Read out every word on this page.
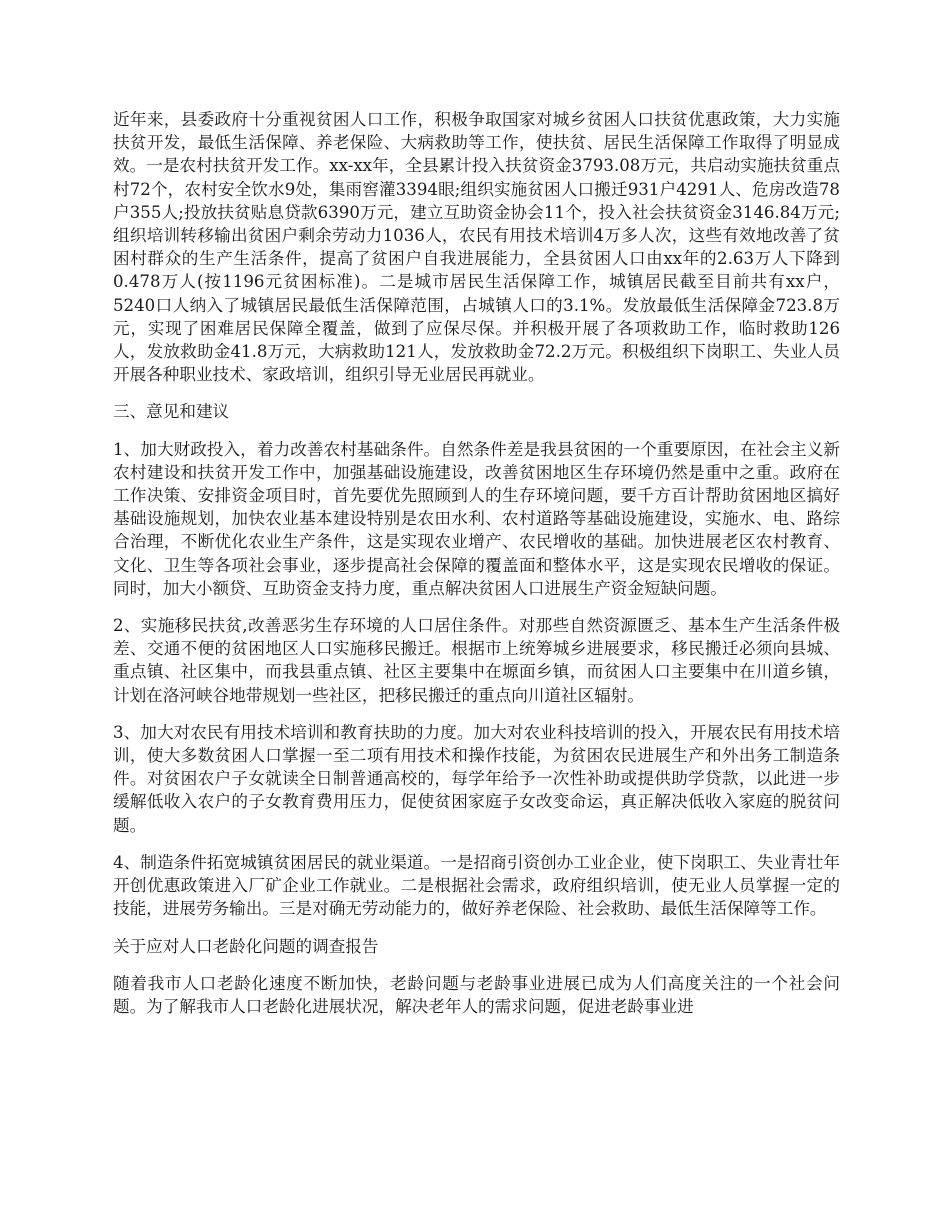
近年来，县委政府十分重视贫困人口工作，积极争取国家对城乡贫困人口扶贫优惠政策，大力实施扶贫开发，最低生活保障、养老保险、大病救助等工作，使扶贫、居民生活保障工作取得了明显成效。一是农村扶贫开发工作。xx-xx年，全县累计投入扶贫资金3793.08万元，共启动实施扶贫重点村72个，农村安全饮水9处，集雨窖灌3394眼;组织实施贫困人口搬迁931户4291人、危房改造78户355人;投放扶贫贴息贷款6390万元，建立互助资金协会11个，投入社会扶贫资金3146.84万元;组织培训转移输出贫困户剩余劳动力1036人，农民有用技术培训4万多人次，这些有效地改善了贫困村群众的生产生活条件，提高了贫困户自我进展能力，全县贫困人口由xx年的2.63万人下降到0.478万人(按1196元贫困标准)。二是城市居民生活保障工作，城镇居民截至目前共有xx户，5240口人纳入了城镇居民最低生活保障范围，占城镇人口的3.1%。发放最低生活保障金723.8万元，实现了困难居民保障全覆盖，做到了应保尽保。并积极开展了各项救助工作，临时救助126人，发放救助金41.8万元，大病救助121人，发放救助金72.2万元。积极组织下岗职工、失业人员开展各种职业技术、家政培训，组织引导无业居民再就业。

三、意见和建议

1、加大财政投入，着力改善农村基础条件。自然条件差是我县贫困的一个重要原因，在社会主义新农村建设和扶贫开发工作中，加强基础设施建设，改善贫困地区生存环境仍然是重中之重。政府在工作决策、安排资金项目时，首先要优先照顾到人的生存环境问题，要千方百计帮助贫困地区搞好基础设施规划，加快农业基本建设特别是农田水利、农村道路等基础设施建设，实施水、电、路综合治理，不断优化农业生产条件，这是实现农业增产、农民增收的基础。加快进展老区农村教育、文化、卫生等各项社会事业，逐步提高社会保障的覆盖面和整体水平，这是实现农民增收的保证。同时，加大小额贷、互助资金支持力度，重点解决贫困人口进展生产资金短缺问题。

2、实施移民扶贫,改善恶劣生存环境的人口居住条件。对那些自然资源匮乏、基本生产生活条件极差、交通不便的贫困地区人口实施移民搬迁。根据市上统筹城乡进展要求，移民搬迁必须向县城、重点镇、社区集中，而我县重点镇、社区主要集中在塬面乡镇，而贫困人口主要集中在川道乡镇，计划在洛河峡谷地带规划一些社区，把移民搬迁的重点向川道社区辐射。

3、加大对农民有用技术培训和教育扶助的力度。加大对农业科技培训的投入，开展农民有用技术培训，使大多数贫困人口掌握一至二项有用技术和操作技能，为贫困农民进展生产和外出务工制造条件。对贫困农户子女就读全日制普通高校的，每学年给予一次性补助或提供助学贷款，以此进一步缓解低收入农户的子女教育费用压力，促使贫困家庭子女改变命运，真正解决低收入家庭的脱贫问题。

4、制造条件拓宽城镇贫困居民的就业渠道。一是招商引资创办工业企业，使下岗职工、失业青壮年开创优惠政策进入厂矿企业工作就业。二是根据社会需求，政府组织培训，使无业人员掌握一定的技能，进展劳务输出。三是对确无劳动能力的，做好养老保险、社会救助、最低生活保障等工作。

关于应对人口老龄化问题的调查报告

随着我市人口老龄化速度不断加快，老龄问题与老龄事业进展已成为人们高度关注的一个社会问题。为了解我市人口老龄化进展状况，解决老年人的需求问题，促进老龄事业进
